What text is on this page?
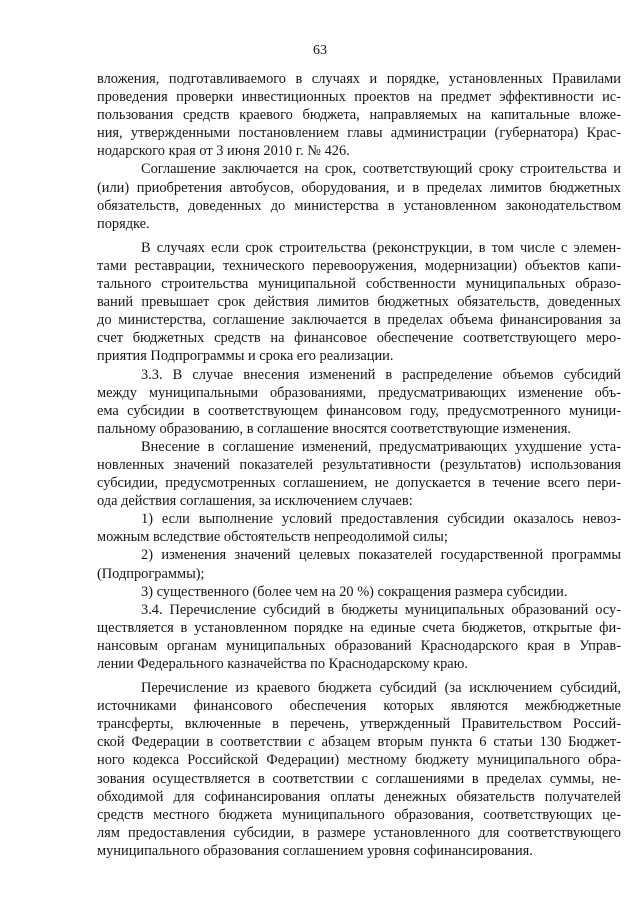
63

вложения, подготавливаемого в случаях и порядке, установленных Правилами
проведения проверки инвестиционных проектов на предмет эффективности ис-
пользования средств краевого бюджета, направляемых на капитальные вложе-
ния, утвержденными постановлением главы администрации (губернатора) Крас-
нодарского края от 3 июня 2010 г. № 426.

Соглашение заключается на срок, соответствующий сроку строительства и
(или) приобретения автобусов, оборудования, и в пределах лимитов бюджетных
обязательств, доведенных до министерства в установленном законодательством
порядке.

В случаях если срок строительства (реконструкции, в том числе с элемен-
тами реставрации, технического перевооружения, модернизации) объектов капи-
тального строительства муниципальной собственности муниципальных образо-
ваний превышает срок действия лимитов бюджетных обязательств, доведенных
до министерства, соглашение заключается в пределах объема финансирования за
счет бюджетных средств на финансовое обеспечение соответствующего меро-
приятия Подпрограммы и срока его реализации.

3.3. В случае внесения изменений в распределение объемов субсидий
между муниципальными образованиями, предусматривающих изменение объ-
ема субсидии в соответствующем финансовом году, предусмотренного муници-
пальному образованию, в соглашение вносятся соответствующие изменения.

Внесение в соглашение изменений, предусматривающих ухудшение уста-
новленных значений показателей результативности (результатов) использования
субсидии, предусмотренных соглашением, не допускается в течение всего пери-
ода действия соглашения, за исключением случаев:

1) если выполнение условий предоставления субсидии оказалось невоз-
можным вследствие обстоятельств непреодолимой силы;

2) изменения значений целевых показателей государственной программы
(Подпрограммы);

3) существенного (более чем на 20 %) сокращения размера субсидии.

3.4. Перечисление субсидий в бюджеты муниципальных образований осу-
ществляется в установленном порядке на единые счета бюджетов, открытые фи-
нансовым органам муниципальных образований Краснодарского края в Управ-
лении Федерального казначейства по Краснодарскому краю.

Перечисление из краевого бюджета субсидий (за исключением субсидий,
источниками финансового обеспечения которых являются межбюджетные
трансферты, включенные в перечень, утвержденный Правительством Россий-
ской Федерации в соответствии с абзацем вторым пункта 6 статьи 130 Бюджет-
ного кодекса Российской Федерации) местному бюджету муниципального обра-
зования осуществляется в соответствии с соглашениями в пределах суммы, не-
обходимой для софинансирования оплаты денежных обязательств получателей
средств местного бюджета муниципального образования, соответствующих це-
лям предоставления субсидии, в размере установленного для соответствующего
муниципального образования соглашением уровня софинансирования.
